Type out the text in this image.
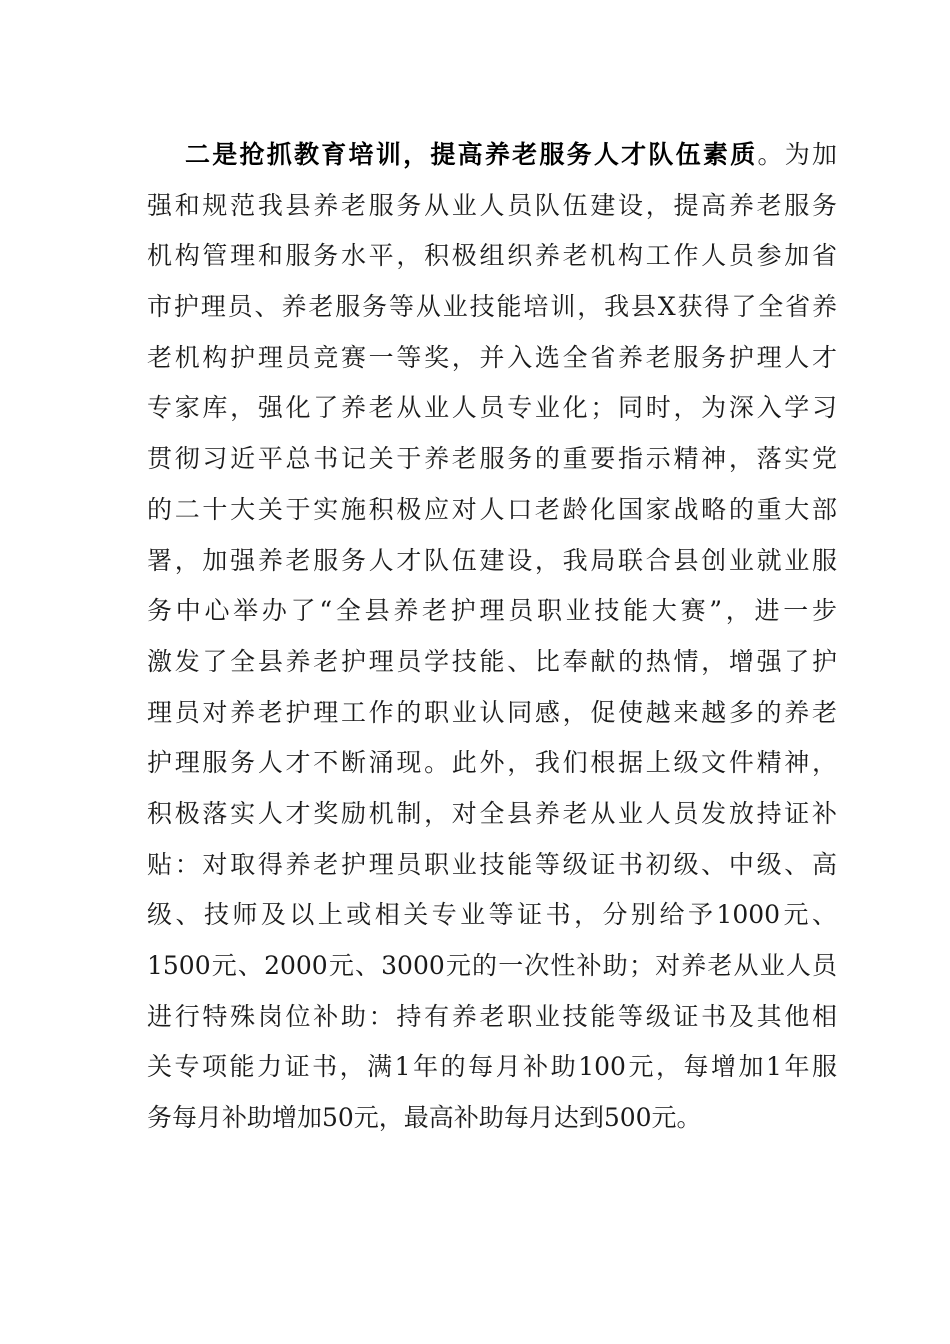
二是抢抓教育培训，提高养老服务人才队伍素质。为加
强和规范我县养老服务从业人员队伍建设，提高养老服务
机构管理和服务水平，积极组织养老机构工作人员参加省
市护理员、养老服务等从业技能培训，我县X获得了全省养
老机构护理员竞赛一等奖，并入选全省养老服务护理人才
专家库，强化了养老从业人员专业化；同时，为深入学习
贯彻习近平总书记关于养老服务的重要指示精神，落实党
的二十大关于实施积极应对人口老龄化国家战略的重大部
署，加强养老服务人才队伍建设，我局联合县创业就业服
务中心举办了“全县养老护理员职业技能大赛”，进一步
激发了全县养老护理员学技能、比奉献的热情，增强了护
理员对养老护理工作的职业认同感，促使越来越多的养老
护理服务人才不断涌现。此外，我们根据上级文件精神，
积极落实人才奖励机制，对全县养老从业人员发放持证补
贴：对取得养老护理员职业技能等级证书初级、中级、高
级、技师及以上或相关专业等证书，分别给予1000元、
1500元、2000元、3000元的一次性补助；对养老从业人员
进行特殊岗位补助：持有养老职业技能等级证书及其他相
关专项能力证书，满1年的每月补助100元，每增加1年服
务每月补助增加50元，最高补助每月达到500元。
